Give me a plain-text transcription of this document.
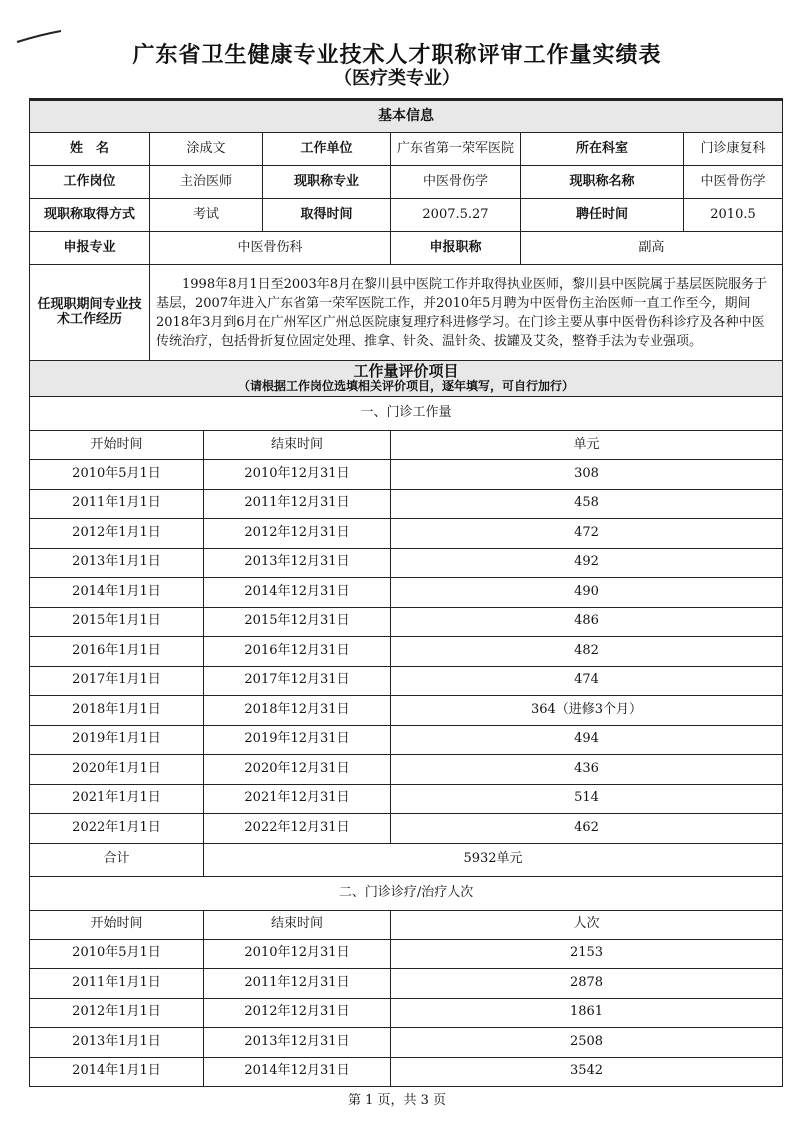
广东省卫生健康专业技术人才职称评审工作量实绩表
（医疗类专业）
基本信息						
姓　名	涂成文		工作单位	广东省第一荣军医院	所在科室	门诊康复科
工作岗位	主治医师		现职称专业	中医骨伤学	现职称名称	中医骨伤学
现职称取得方式	考试		取得时间	2007.5.27	聘任时间	2010.5
申报专业	中医骨伤科			申报职称	副高	
任现职期间专业技术工作经历	1998年8月1日至2003年8月在黎川县中医院工作并取得执业医师，黎川县中医院属于基层医院服务于基层，2007年进入广东省第一荣军医院工作，并2010年5月聘为中医骨伤主治医师一直工作至今，期间2018年3月到6月在广州军区广州总医院康复理疗科进修学习。在门诊主要从事中医骨伤科诊疗及各种中医传统治疗，包括骨折复位固定处理、推拿、针灸、温针灸、拔罐及艾灸，整脊手法为专业强项。					

工作量评价项目
（请根据工作岗位选填相关评价项目，逐年填写，可自行加行）						

一、门诊工作量						
开始时间		结束时间		单元		
2010年5月1日		2010年12月31日		308		
2011年1月1日		2011年12月31日		458		
2012年1月1日		2012年12月31日		472		
2013年1月1日		2013年12月31日		492		
2014年1月1日		2014年12月31日		490		
2015年1月1日		2015年12月31日		486		
2016年1月1日		2016年12月31日		482		
2017年1月1日		2017年12月31日		474		
2018年1月1日		2018年12月31日		364（进修3个月）		
2019年1月1日		2019年12月31日		494		
2020年1月1日		2020年12月31日		436		
2021年1月1日		2021年12月31日		514		
2022年1月1日		2022年12月31日		462		
合计		5932单元				
二、门诊诊疗/治疗人次						
开始时间		结束时间		人次		
2010年5月1日		2010年12月31日		2153		
2011年1月1日		2011年12月31日		2878		
2012年1月1日		2012年12月31日		1861		
2013年1月1日		2013年12月31日		2508		
2014年1月1日		2014年12月31日		3542		
第 1 页，共 3 页
